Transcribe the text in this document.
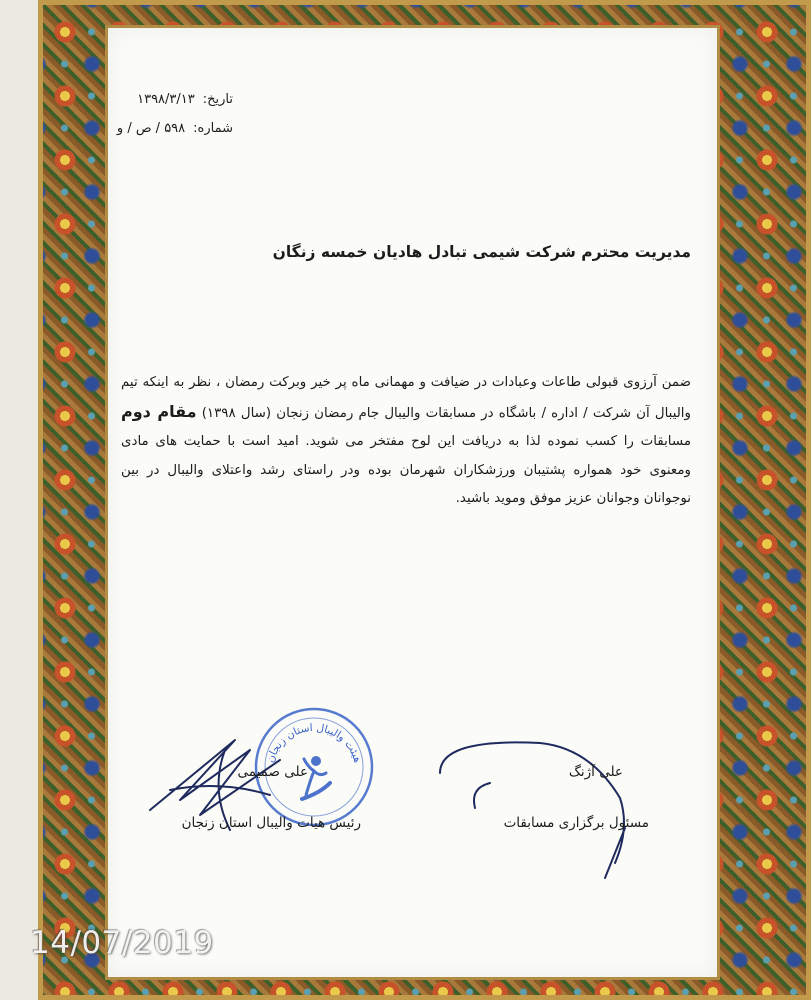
تاریخ:۱۳۹۸/۳/۱۳
شماره:۵۹۸ / ص / و
مدیریت محترم شرکت شیمی تبادل هادیان خمسه زنگان
ضمن آرزوی قبولی طاعات وعبادات در ضیافت و مهمانی ماه پر خیر وبرکت رمضان ، نظر به اینکه تیم والیبال آن شرکت / اداره / باشگاه در مسابقات والیبال جام رمضان زنجان (سال ۱۳۹۸) مقام دوم مسابقات را کسب نموده لذا به دریافت این لوح مفتخر می شوید. امید است با حمایت های مادی ومعنوی خود همواره پشتیبان ورزشکاران شهرمان بوده ودر راستای رشد واعتلای والیبال در بین نوجوانان وجوانان عزیز موفق وموید باشید.
هیئت والیبال استان زنجان
علی صمیمی
رئیس هیات والیبال استان زنجان
علی آژنگ
مسئول برگزاری مسابقات
14/07/2019
